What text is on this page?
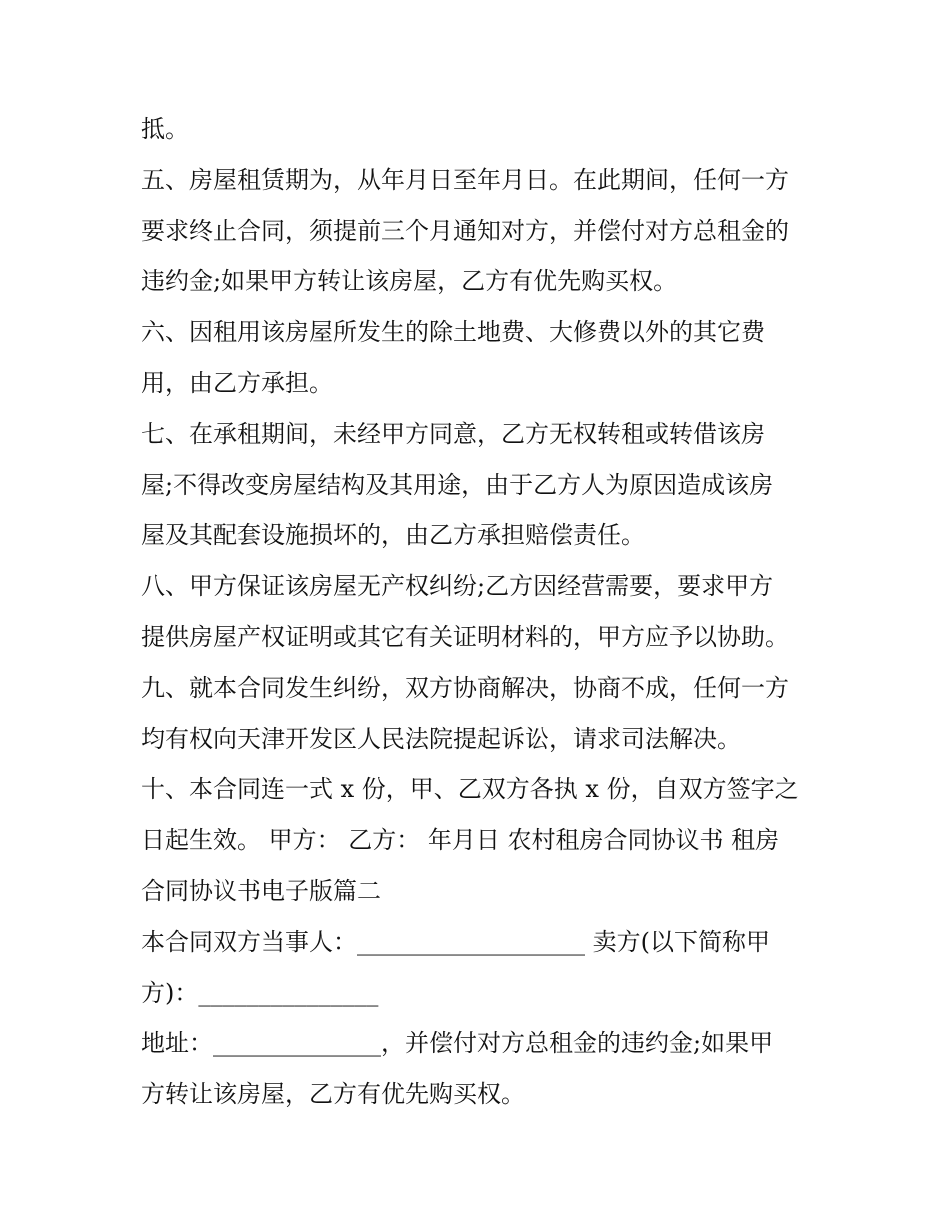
抵。
五、房屋租赁期为，从年月日至年月日。在此期间，任何一方
要求终止合同，须提前三个月通知对方，并偿付对方总租金的
违约金;如果甲方转让该房屋，乙方有优先购买权。
六、因租用该房屋所发生的除土地费、大修费以外的其它费
用，由乙方承担。
七、在承租期间，未经甲方同意，乙方无权转租或转借该房
屋;不得改变房屋结构及其用途，由于乙方人为原因造成该房
屋及其配套设施损坏的，由乙方承担赔偿责任。
八、甲方保证该房屋无产权纠纷;乙方因经营需要，要求甲方
提供房屋产权证明或其它有关证明材料的，甲方应予以协助。
九、就本合同发生纠纷，双方协商解决，协商不成，任何一方
均有权向天津开发区人民法院提起诉讼，请求司法解决。
十、本合同连一式 x 份，甲、乙双方各执 x 份，自双方签字之
日起生效。 甲方： 乙方： 年月日 农村租房合同协议书 租房
合同协议书电子版篇二
本合同双方当事人：___________________ 卖方(以下简称甲
方)：_______________
地址：______________，并偿付对方总租金的违约金;如果甲
方转让该房屋，乙方有优先购买权。
